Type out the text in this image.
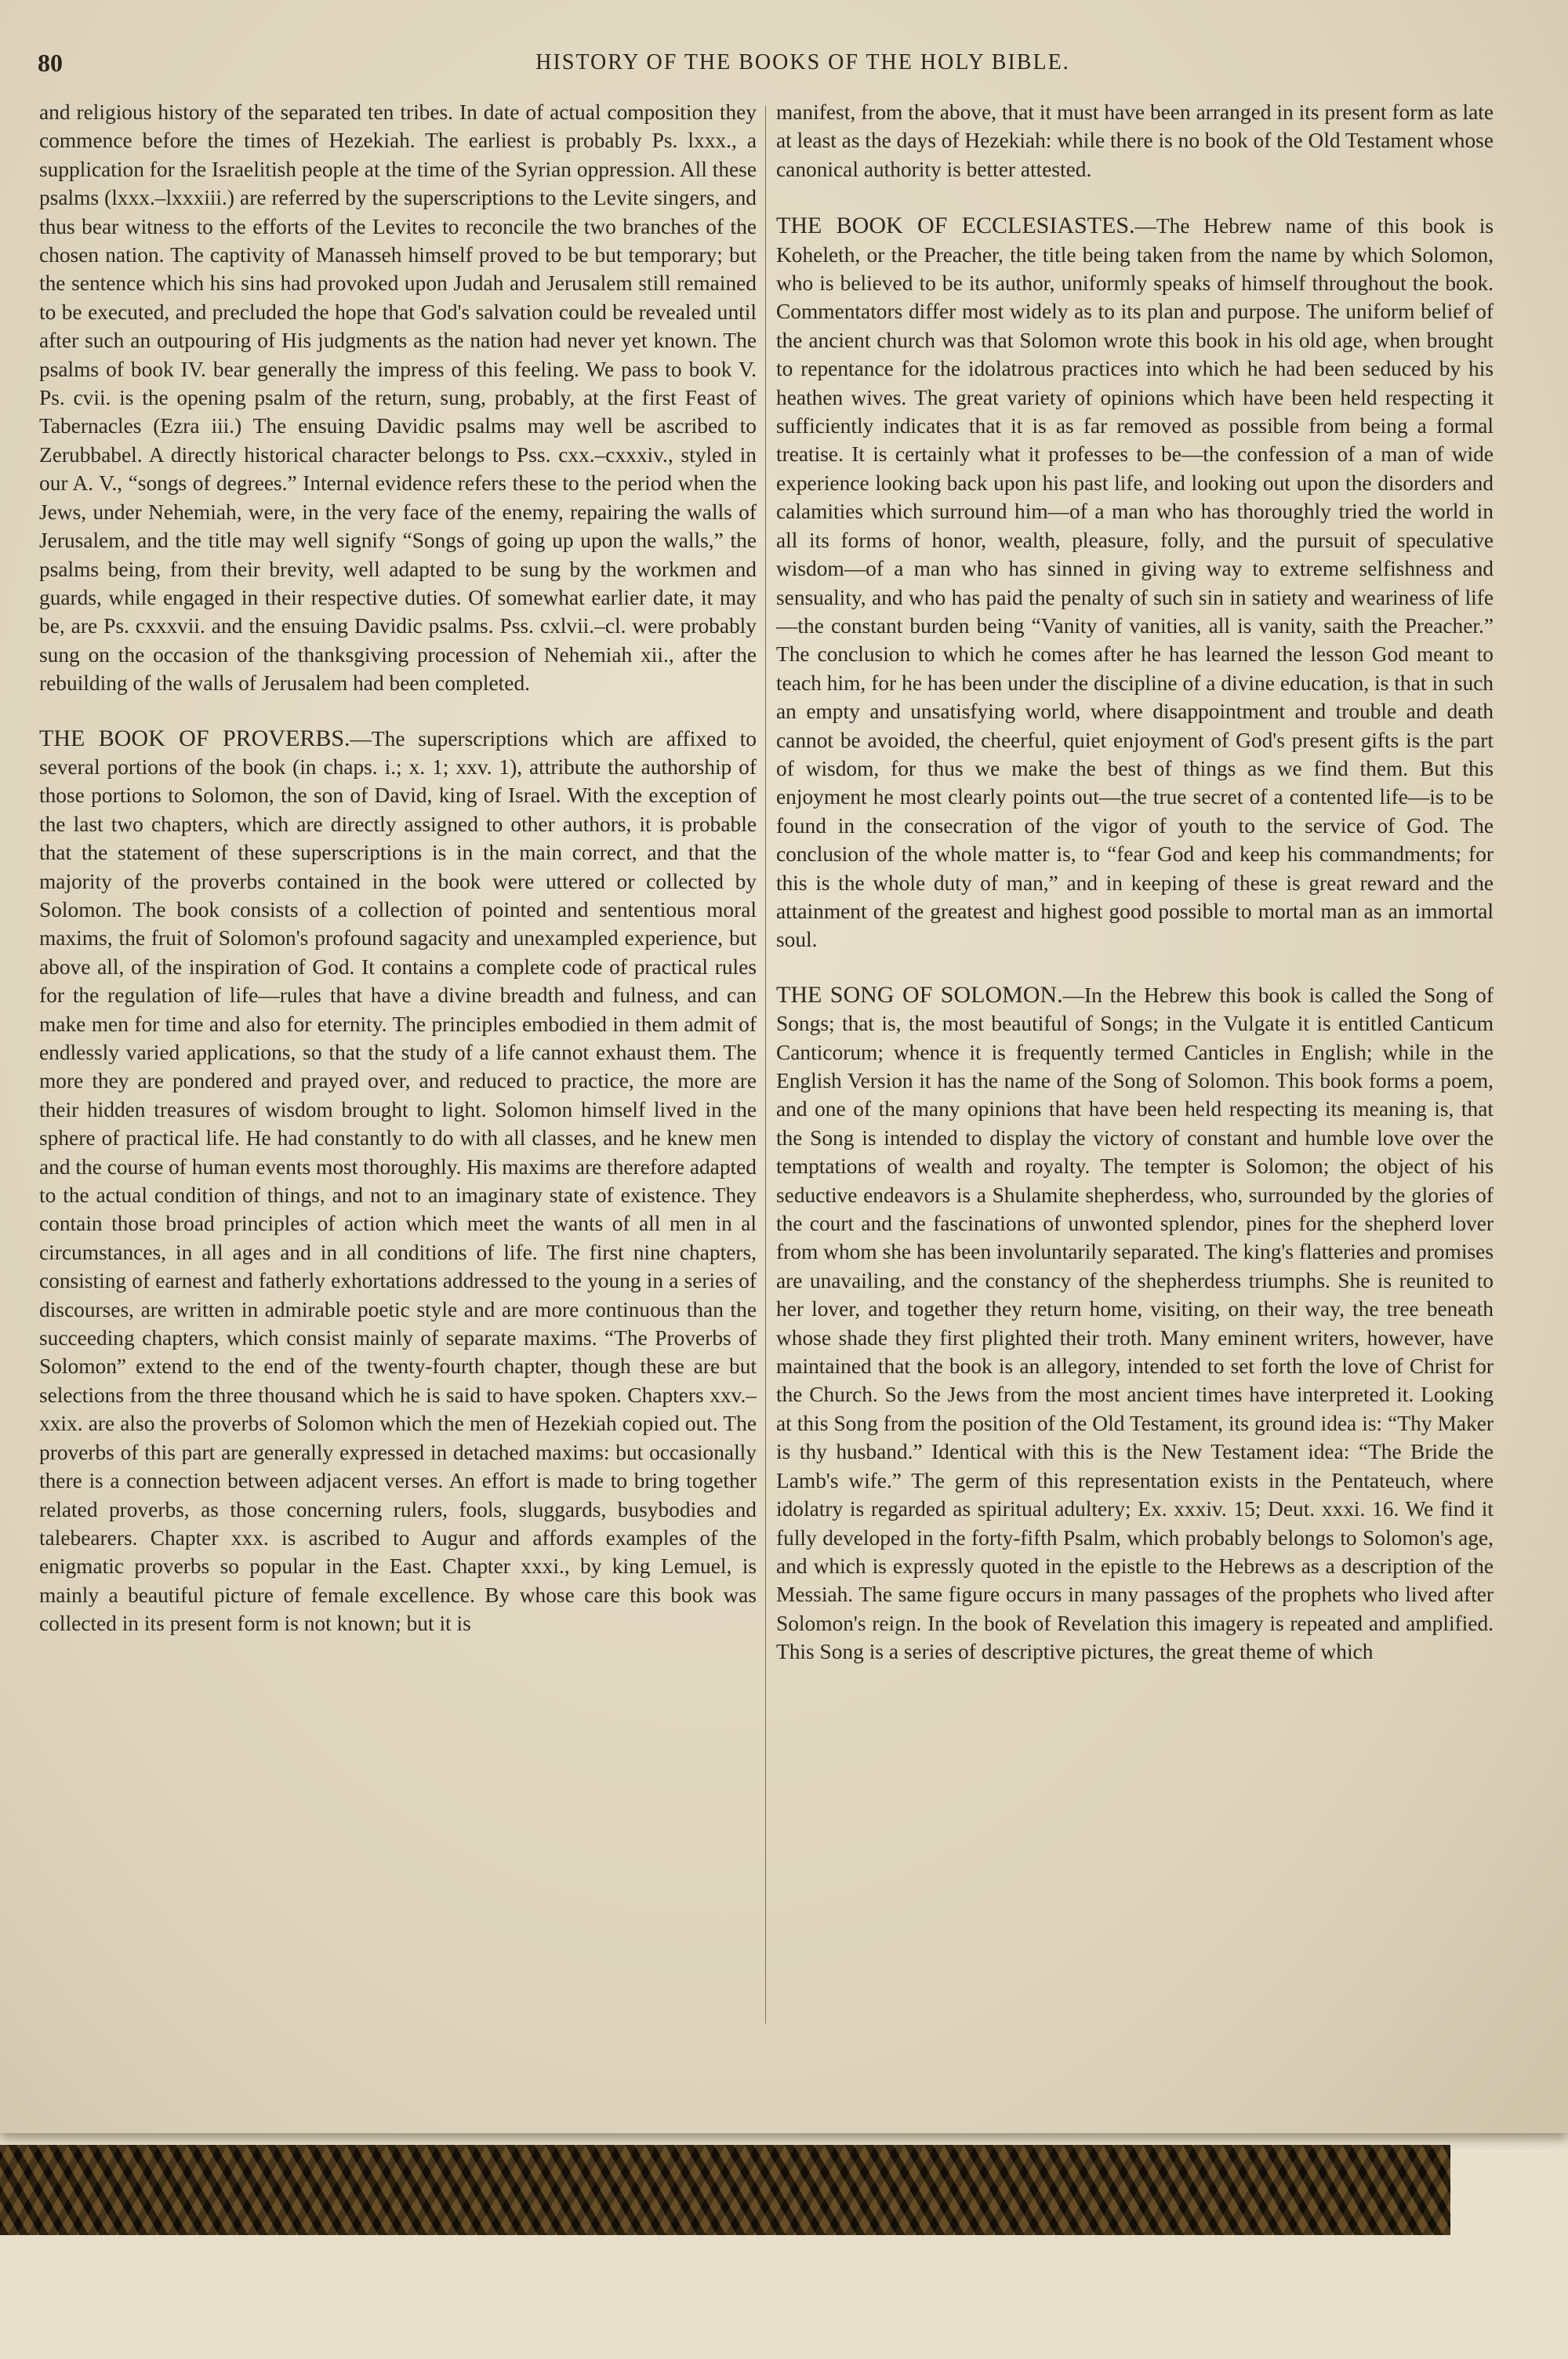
80	HISTORY OF THE BOOKS OF THE HOLY BIBLE.

and religious history of the separated ten tribes. In date of actual composition they commence before the times of Hezekiah. The earliest is probably Ps. lxxx., a supplication for the Israelitish people at the time of the Syrian oppression. All these psalms (lxxx.–lxxxiii.) are referred by the superscriptions to the Levite singers, and thus bear witness to the efforts of the Levites to reconcile the two branches of the chosen nation. The captivity of Manasseh himself proved to be but temporary; but the sentence which his sins had provoked upon Judah and Jerusalem still remained to be executed, and precluded the hope that God's salvation could be revealed until after such an outpouring of His judgments as the nation had never yet known. The psalms of book IV. bear generally the impress of this feeling. We pass to book V. Ps. cvii. is the opening psalm of the return, sung, probably, at the first Feast of Tabernacles (Ezra iii.) The ensuing Davidic psalms may well be ascribed to Zerubbabel. A directly historical character belongs to Pss. cxx.–cxxxiv., styled in our A. V., “songs of degrees.” Internal evidence refers these to the period when the Jews, under Nehemiah, were, in the very face of the enemy, repairing the walls of Jerusalem, and the title may well signify “Songs of going up upon the walls,” the psalms being, from their brevity, well adapted to be sung by the workmen and guards, while engaged in their respective duties. Of somewhat earlier date, it may be, are Ps. cxxxvii. and the ensuing Davidic psalms. Pss. cxlvii.–cl. were probably sung on the occasion of the thanksgiving procession of Nehemiah xii., after the rebuilding of the walls of Jerusalem had been completed.

THE BOOK OF PROVERBS.—The superscriptions which are affixed to several portions of the book (in chaps. i.; x. 1; xxv. 1), attribute the authorship of those portions to Solomon, the son of David, king of Israel. With the exception of the last two chapters, which are directly assigned to other authors, it is probable that the statement of these superscriptions is in the main correct, and that the majority of the proverbs contained in the book were uttered or collected by Solomon. The book consists of a collection of pointed and sententious moral maxims, the fruit of Solomon's profound sagacity and unexampled experience, but above all, of the inspiration of God. It contains a complete code of practical rules for the regulation of life—rules that have a divine breadth and fulness, and can make men for time and also for eternity. The principles embodied in them admit of endlessly varied applications, so that the study of a life cannot exhaust them. The more they are pondered and prayed over, and reduced to practice, the more are their hidden treasures of wisdom brought to light. Solomon himself lived in the sphere of practical life. He had constantly to do with all classes, and he knew men and the course of human events most thoroughly. His maxims are therefore adapted to the actual condition of things, and not to an imaginary state of existence. They contain those broad principles of action which meet the wants of all men in al circumstances, in all ages and in all conditions of life. The first nine chapters, consisting of earnest and fatherly exhortations addressed to the young in a series of discourses, are written in admirable poetic style and are more continuous than the succeeding chapters, which consist mainly of separate maxims. “The Proverbs of Solomon” extend to the end of the twenty-fourth chapter, though these are but selections from the three thousand which he is said to have spoken. Chapters xxv.–xxix. are also the proverbs of Solomon which the men of Hezekiah copied out. The proverbs of this part are generally expressed in detached maxims: but occasionally there is a connection between adjacent verses. An effort is made to bring together related proverbs, as those concerning rulers, fools, sluggards, busybodies and talebearers. Chapter xxx. is ascribed to Augur and affords examples of the enigmatic proverbs so popular in the East. Chapter xxxi., by king Lemuel, is mainly a beautiful picture of female excellence. By whose care this book was collected in its present form is not known; but it is

manifest, from the above, that it must have been arranged in its present form as late at least as the days of Hezekiah: while there is no book of the Old Testament whose canonical authority is better attested.

THE BOOK OF ECCLESIASTES.—The Hebrew name of this book is Koheleth, or the Preacher, the title being taken from the name by which Solomon, who is believed to be its author, uniformly speaks of himself throughout the book. Commentators differ most widely as to its plan and purpose. The uniform belief of the ancient church was that Solomon wrote this book in his old age, when brought to repentance for the idolatrous practices into which he had been seduced by his heathen wives. The great variety of opinions which have been held respecting it sufficiently indicates that it is as far removed as possible from being a formal treatise. It is certainly what it professes to be—the confession of a man of wide experience looking back upon his past life, and looking out upon the disorders and calamities which surround him—of a man who has thoroughly tried the world in all its forms of honor, wealth, pleasure, folly, and the pursuit of speculative wisdom—of a man who has sinned in giving way to extreme selfishness and sensuality, and who has paid the penalty of such sin in satiety and weariness of life—the constant burden being “Vanity of vanities, all is vanity, saith the Preacher.” The conclusion to which he comes after he has learned the lesson God meant to teach him, for he has been under the discipline of a divine education, is that in such an empty and unsatisfying world, where disappointment and trouble and death cannot be avoided, the cheerful, quiet enjoyment of God's present gifts is the part of wisdom, for thus we make the best of things as we find them. But this enjoyment he most clearly points out—the true secret of a contented life—is to be found in the consecration of the vigor of youth to the service of God. The conclusion of the whole matter is, to “fear God and keep his commandments; for this is the whole duty of man,” and in keeping of these is great reward and the attainment of the greatest and highest good possible to mortal man as an immortal soul.

THE SONG OF SOLOMON.—In the Hebrew this book is called the Song of Songs; that is, the most beautiful of Songs; in the Vulgate it is entitled Canticum Canticorum; whence it is frequently termed Canticles in English; while in the English Version it has the name of the Song of Solomon. This book forms a poem, and one of the many opinions that have been held respecting its meaning is, that the Song is intended to display the victory of constant and humble love over the temptations of wealth and royalty. The tempter is Solomon; the object of his seductive endeavors is a Shulamite shepherdess, who, surrounded by the glories of the court and the fascinations of unwonted splendor, pines for the shepherd lover from whom she has been involuntarily separated. The king's flatteries and promises are unavailing, and the constancy of the shepherdess triumphs. She is reunited to her lover, and together they return home, visiting, on their way, the tree beneath whose shade they first plighted their troth. Many eminent writers, however, have maintained that the book is an allegory, intended to set forth the love of Christ for the Church. So the Jews from the most ancient times have interpreted it. Looking at this Song from the position of the Old Testament, its ground idea is: “Thy Maker is thy husband.” Identical with this is the New Testament idea: “The Bride the Lamb's wife.” The germ of this representation exists in the Pentateuch, where idolatry is regarded as spiritual adultery; Ex. xxxiv. 15; Deut. xxxi. 16. We find it fully developed in the forty-fifth Psalm, which probably belongs to Solomon's age, and which is expressly quoted in the epistle to the Hebrews as a description of the Messiah. The same figure occurs in many passages of the prophets who lived after Solomon's reign. In the book of Revelation this imagery is repeated and amplified. This Song is a series of descriptive pictures, the great theme of which
